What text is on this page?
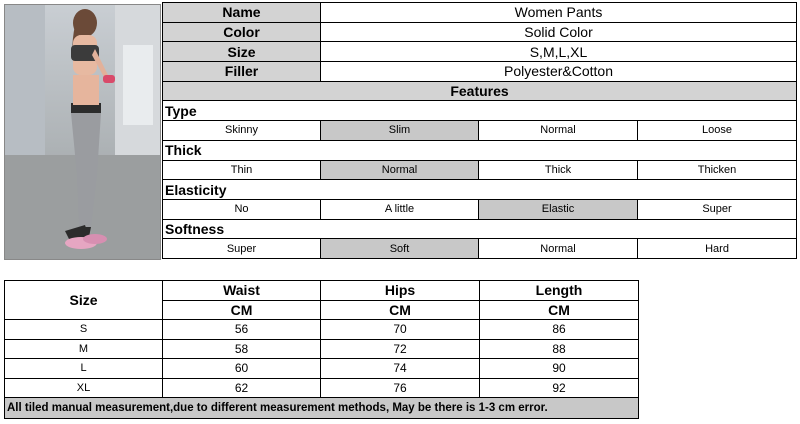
Name	Women Pants		
Color	Solid Color		
Size	S,M,L,XL		
Filler	Polyester&Cotton		
Features			
Type			
Skinny	Slim	Normal	Loose
Thick			
Thin	Normal	Thick	Thicken
Elasticity			
No	A little	Elastic	Super
Softness			
Super	Soft	Normal	Hard
Size	Waist	Hips	Length
	CM	CM	CM
S	56	70	86
M	58	72	88
L	60	74	90
XL	62	76	92
All tiled manual measurement,due to different measurement methods, May be there is 1-3 cm error.			
